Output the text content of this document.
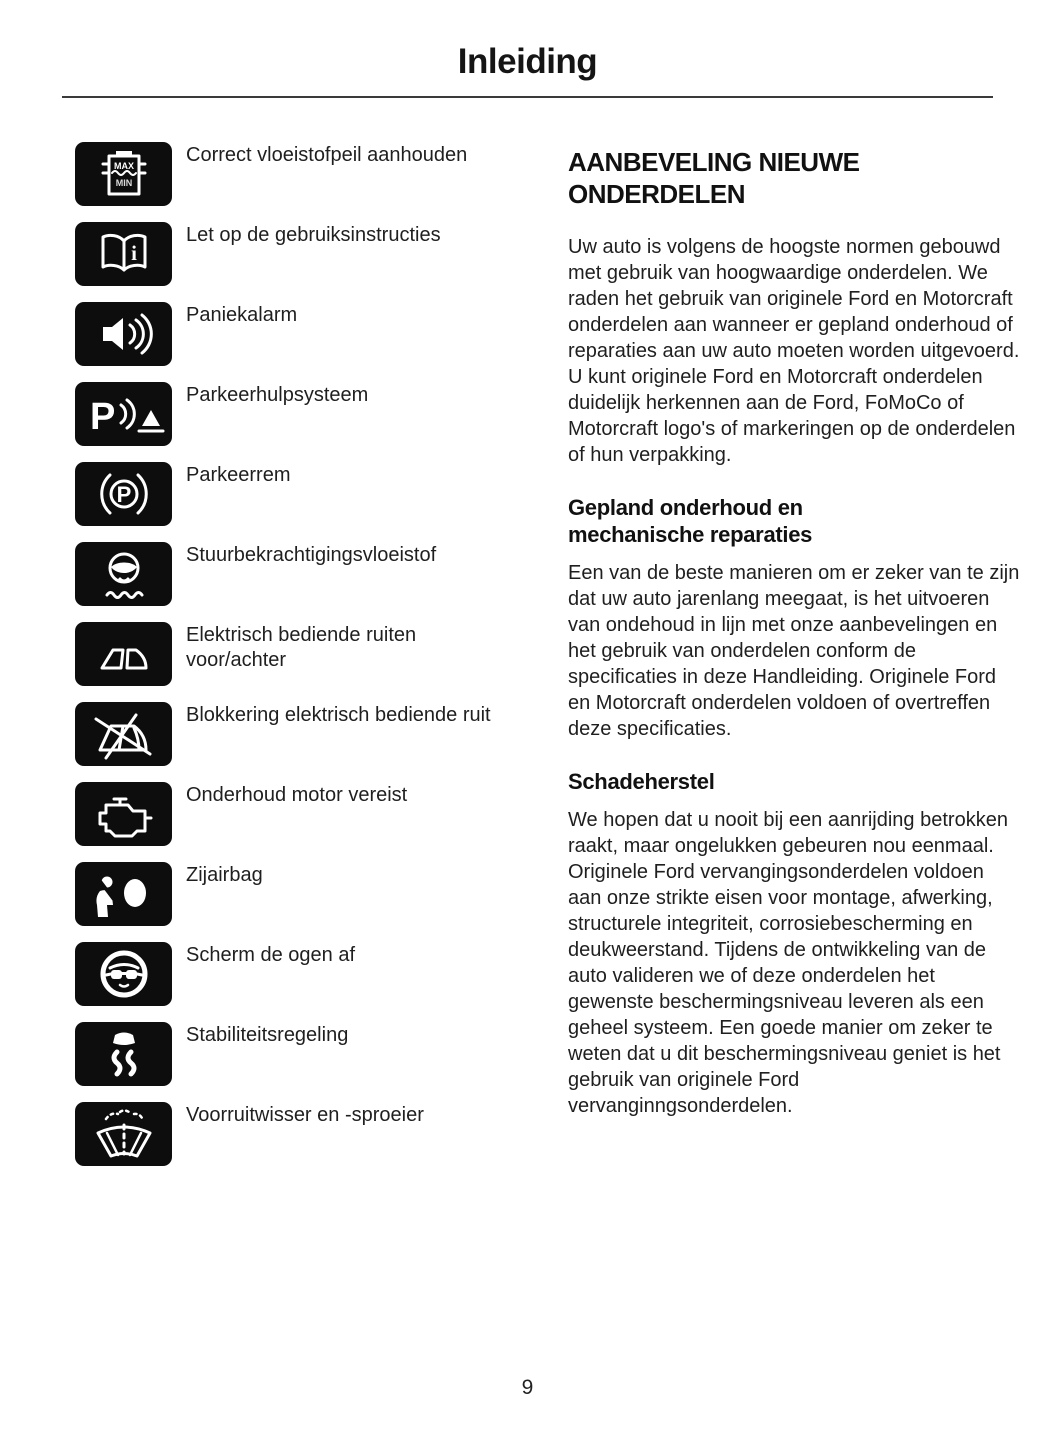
Inleiding
MAX
MIN
Correct vloeistofpeil aanhouden
i
Let op de gebruiksinstructies
Paniekalarm
P
Parkeerhulpsysteem
P
Parkeerrem
Stuurbekrachtigingsvloeistof
Elektrisch bediende ruiten voor/achter
Blokkering elektrisch bediende ruit
Onderhoud motor vereist
Zijairbag
Scherm de ogen af
Stabiliteitsregeling
Voorruitwisser en -sproeier
AANBEVELING NIEUWE ONDERDELEN

Uw auto is volgens de hoogste normen gebouwd met gebruik van hoogwaardige onderdelen. We raden het gebruik van originele Ford en Motorcraft onderdelen aan wanneer er gepland onderhoud of reparaties aan uw auto moeten worden uitgevoerd. U kunt originele Ford en Motorcraft onderdelen duidelijk herkennen aan de Ford, FoMoCo of Motorcraft logo's of markeringen op de onderdelen of hun verpakking.

Gepland onderhoud en mechanische reparaties

Een van de beste manieren om er zeker van te zijn dat uw auto jarenlang meegaat, is het uitvoeren van ondehoud in lijn met onze aanbevelingen en het gebruik van onderdelen conform de specificaties in deze Handleiding. Originele Ford en Motorcraft onderdelen voldoen of overtreffen deze specificaties.

Schadeherstel

We hopen dat u nooit bij een aanrijding betrokken raakt, maar ongelukken gebeuren nou eenmaal. Originele Ford vervangingsonderdelen voldoen aan onze strikte eisen voor montage, afwerking, structurele integriteit, corrosiebescherming en deukweerstand. Tijdens de ontwikkeling van de auto valideren we of deze onderdelen het gewenste beschermingsniveau leveren als een geheel systeem. Een goede manier om zeker te weten dat u dit beschermingsniveau geniet is het gebruik van originele Ford vervanginngsonderdelen.

9
